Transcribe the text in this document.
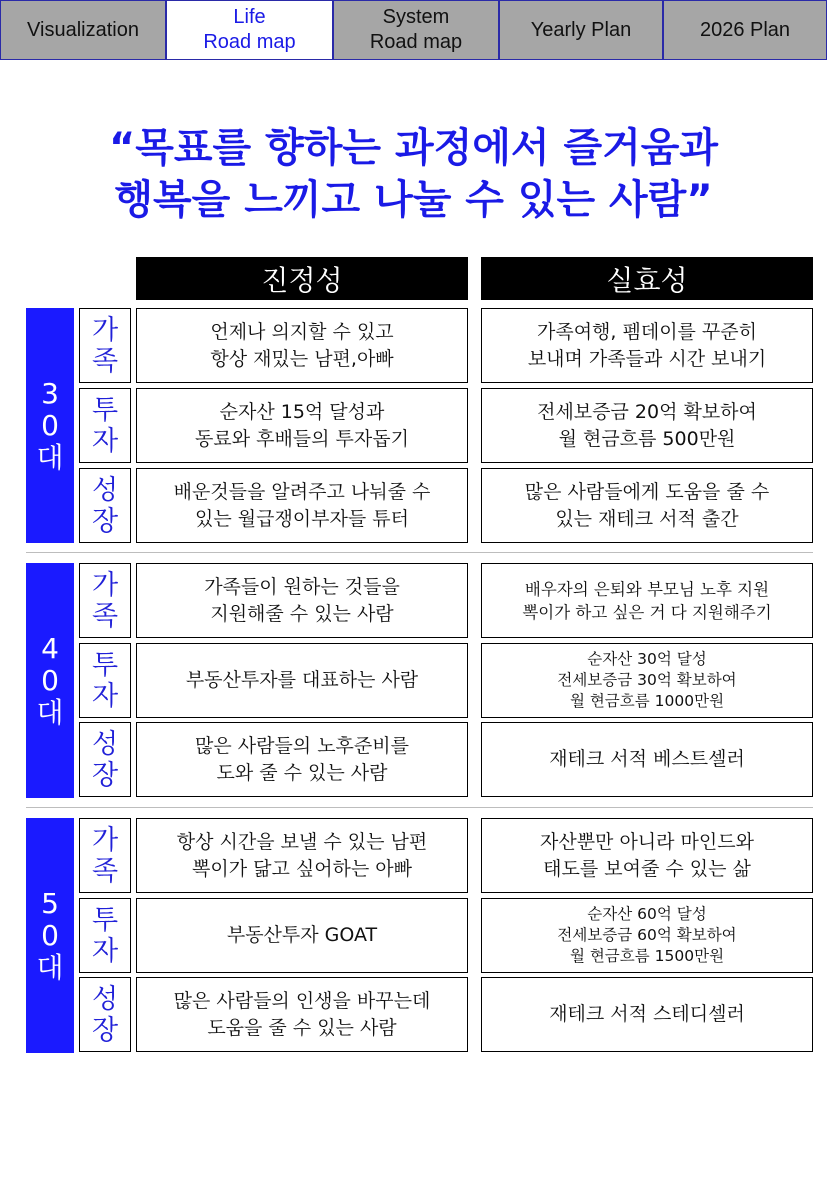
Visualization
Life
Road map
System
Road map
Yearly Plan	2026 Plan
“목표를 향하는 과정에서 즐거움과
행복을 느끼고 나눌 수 있는 사람”
진정성	실효성
3
0
대
가
족
언제나 의지할 수 있고
항상 재밌는 남편,아빠
가족여행, 펨데이를 꾸준히
보내며 가족들과 시간 보내기
투
자
순자산 15억 달성과
동료와 후배들의 투자돕기
전세보증금 20억 확보하여
월 현금흐름 500만원
성
장
배운것들을 알려주고 나눠줄 수
있는 월급쟁이부자들 튜터
많은 사람들에게 도움을 줄 수
있는 재테크 서적 출간
4
0
대
가
족
가족들이 원하는 것들을
지원해줄 수 있는 사람
배우자의 은퇴와 부모님 노후 지원
뽁이가 하고 싶은 거 다 지원해주기
투
자
부동산투자를 대표하는 사람
순자산 30억 달성
전세보증금 30억 확보하여
월 현금흐름 1000만원
성
장
많은 사람들의 노후준비를
도와 줄 수 있는 사람
재테크 서적 베스트셀러
5
0
대
가
족
항상 시간을 보낼 수 있는 남편
뽁이가 닮고 싶어하는 아빠
자산뿐만 아니라 마인드와
태도를 보여줄 수 있는 삶
투
자
부동산투자 GOAT
순자산 60억 달성
전세보증금 60억 확보하여
월 현금흐름 1500만원
성
장
많은 사람들의 인생을 바꾸는데
도움을 줄 수 있는 사람
재테크 서적 스테디셀러
